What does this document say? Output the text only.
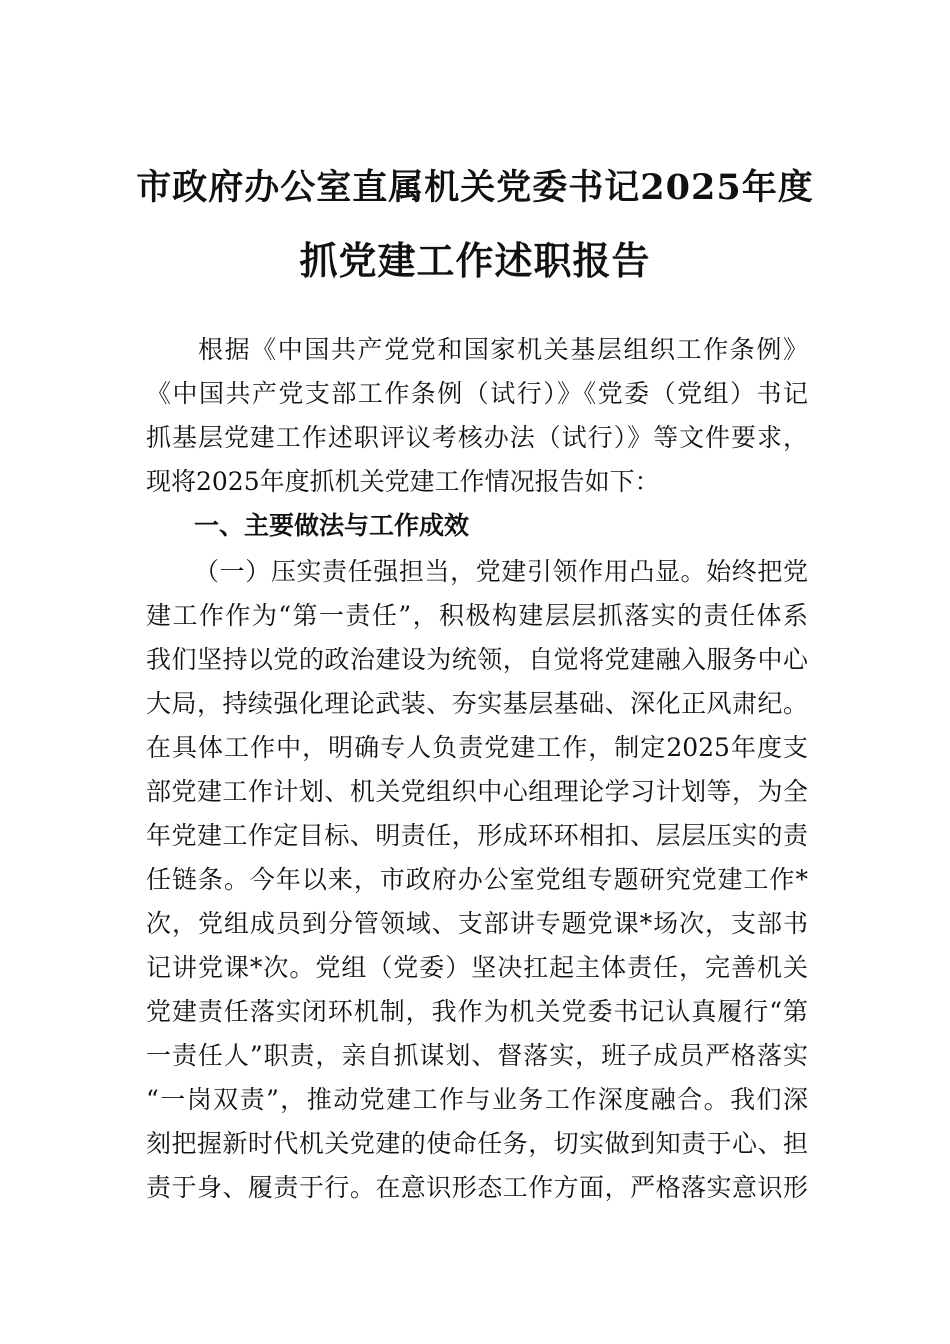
市政府办公室直属机关党委书记2025年度
抓党建工作述职报告
根据《中国共产党党和国家机关基层组织工作条例》
《中国共产党支部工作条例（试行）》《党委（党组）书记
抓基层党建工作述职评议考核办法（试行）》等文件要求，
现将2025年度抓机关党建工作情况报告如下：
一、主要做法与工作成效
（一）压实责任强担当，党建引领作用凸显。始终把党
建工作作为“第一责任”，积极构建层层抓落实的责任体系
我们坚持以党的政治建设为统领，自觉将党建融入服务中心
大局，持续强化理论武装、夯实基层基础、深化正风肃纪。
在具体工作中，明确专人负责党建工作，制定2025年度支
部党建工作计划、机关党组织中心组理论学习计划等，为全
年党建工作定目标、明责任，形成环环相扣、层层压实的责
任链条。今年以来，市政府办公室党组专题研究党建工作*
次，党组成员到分管领域、支部讲专题党课*场次，支部书
记讲党课*次。党组（党委）坚决扛起主体责任，完善机关
党建责任落实闭环机制，我作为机关党委书记认真履行“第
一责任人”职责，亲自抓谋划、督落实，班子成员严格落实
“一岗双责”，推动党建工作与业务工作深度融合。我们深
刻把握新时代机关党建的使命任务，切实做到知责于心、担
责于身、履责于行。在意识形态工作方面，严格落实意识形
